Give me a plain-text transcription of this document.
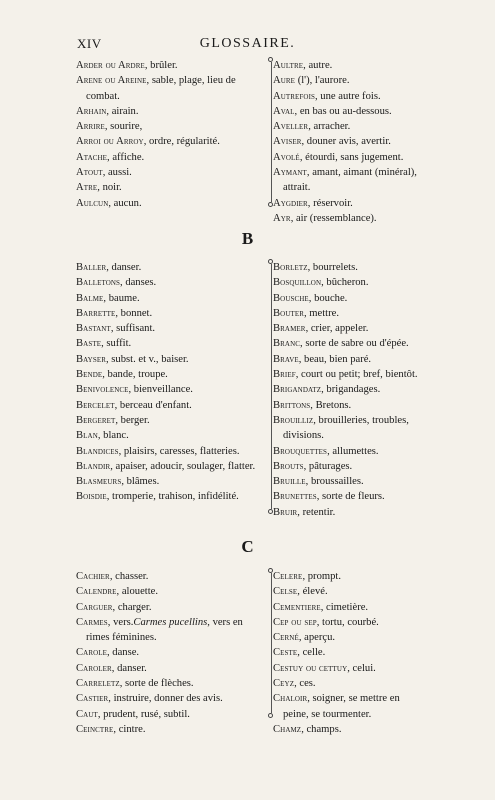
XIV	GLOSSAIRE.

Arder ou Ardre, brûler.

Arene ou Areine, sable, plage, lieu de combat.

Arhain, airain.

Arrire, sourire,

Arroi ou Arroy, ordre, régularité.

Atache, affiche.

Atout, aussi.

Atre, noir.

Aulcun, aucun.

Aultre, autre.

Aure (l'), l'aurore.

Autrefois, une autre fois.

Aval, en bas ou au-dessous.

Aveller, arracher.

Aviser, douner avis, avertir.

Avolé, étourdi, sans jugement.

Aymant, amant, aimant (minéral), attrait.

Aygdier, réservoir.

Ayr, air (ressemblance).

B

Baller, danser.

Balletons, danses.

Balme, baume.

Barrette, bonnet.

Bastant, suffisant.

Baste, suffit.

Bayser, subst. et v., baiser.

Bende, bande, troupe.

Benivolence, bienveillance.

Bercelet, berceau d'enfant.

Bergeret, berger.

Blan, blanc.

Blandices, plaisirs, caresses, flatteries.

Blandir, apaiser, adoucir, soulager, flatter.

Blasmeurs, blâmes.

Boisdie, tromperie, trahison, infidélité.

Borletz, bourrelets.

Bosquillon, bûcheron.

Bousche, bouche.

Bouter, mettre.

Bramer, crier, appeler.

Branc, sorte de sabre ou d'épée.

Brave, beau, bien paré.

Brief, court ou petit; bref, bientôt.

Brigandatz, brigandages.

Brittons, Bretons.

Brouilliz, brouilleries, troubles, divisions.

Brouquettes, allumettes.

Brouts, pâturages.

Bruille, broussailles.

Brunettes, sorte de fleurs.

Bruir, retentir.

C

Cachier, chasser.

Calendre, alouette.

Carguer, charger.

Carmes, vers.Carmes pucellins, vers en rimes féminines.

Carole, danse.

Caroler, danser.

Carreletz, sorte de flèches.

Castier, instruire, donner des avis.

Caut, prudent, rusé, subtil.

Ceinctre, cintre.

Celere, prompt.

Celse, élevé.

Cementiere, cimetière.

Cep ou sep, tortu, courbé.

Cerné, aperçu.

Ceste, celle.

Cestuy ou cettuy, celui.

Ceyz, ces.

Chaloir, soigner, se mettre en peine, se tourmenter.

Chamz, champs.
